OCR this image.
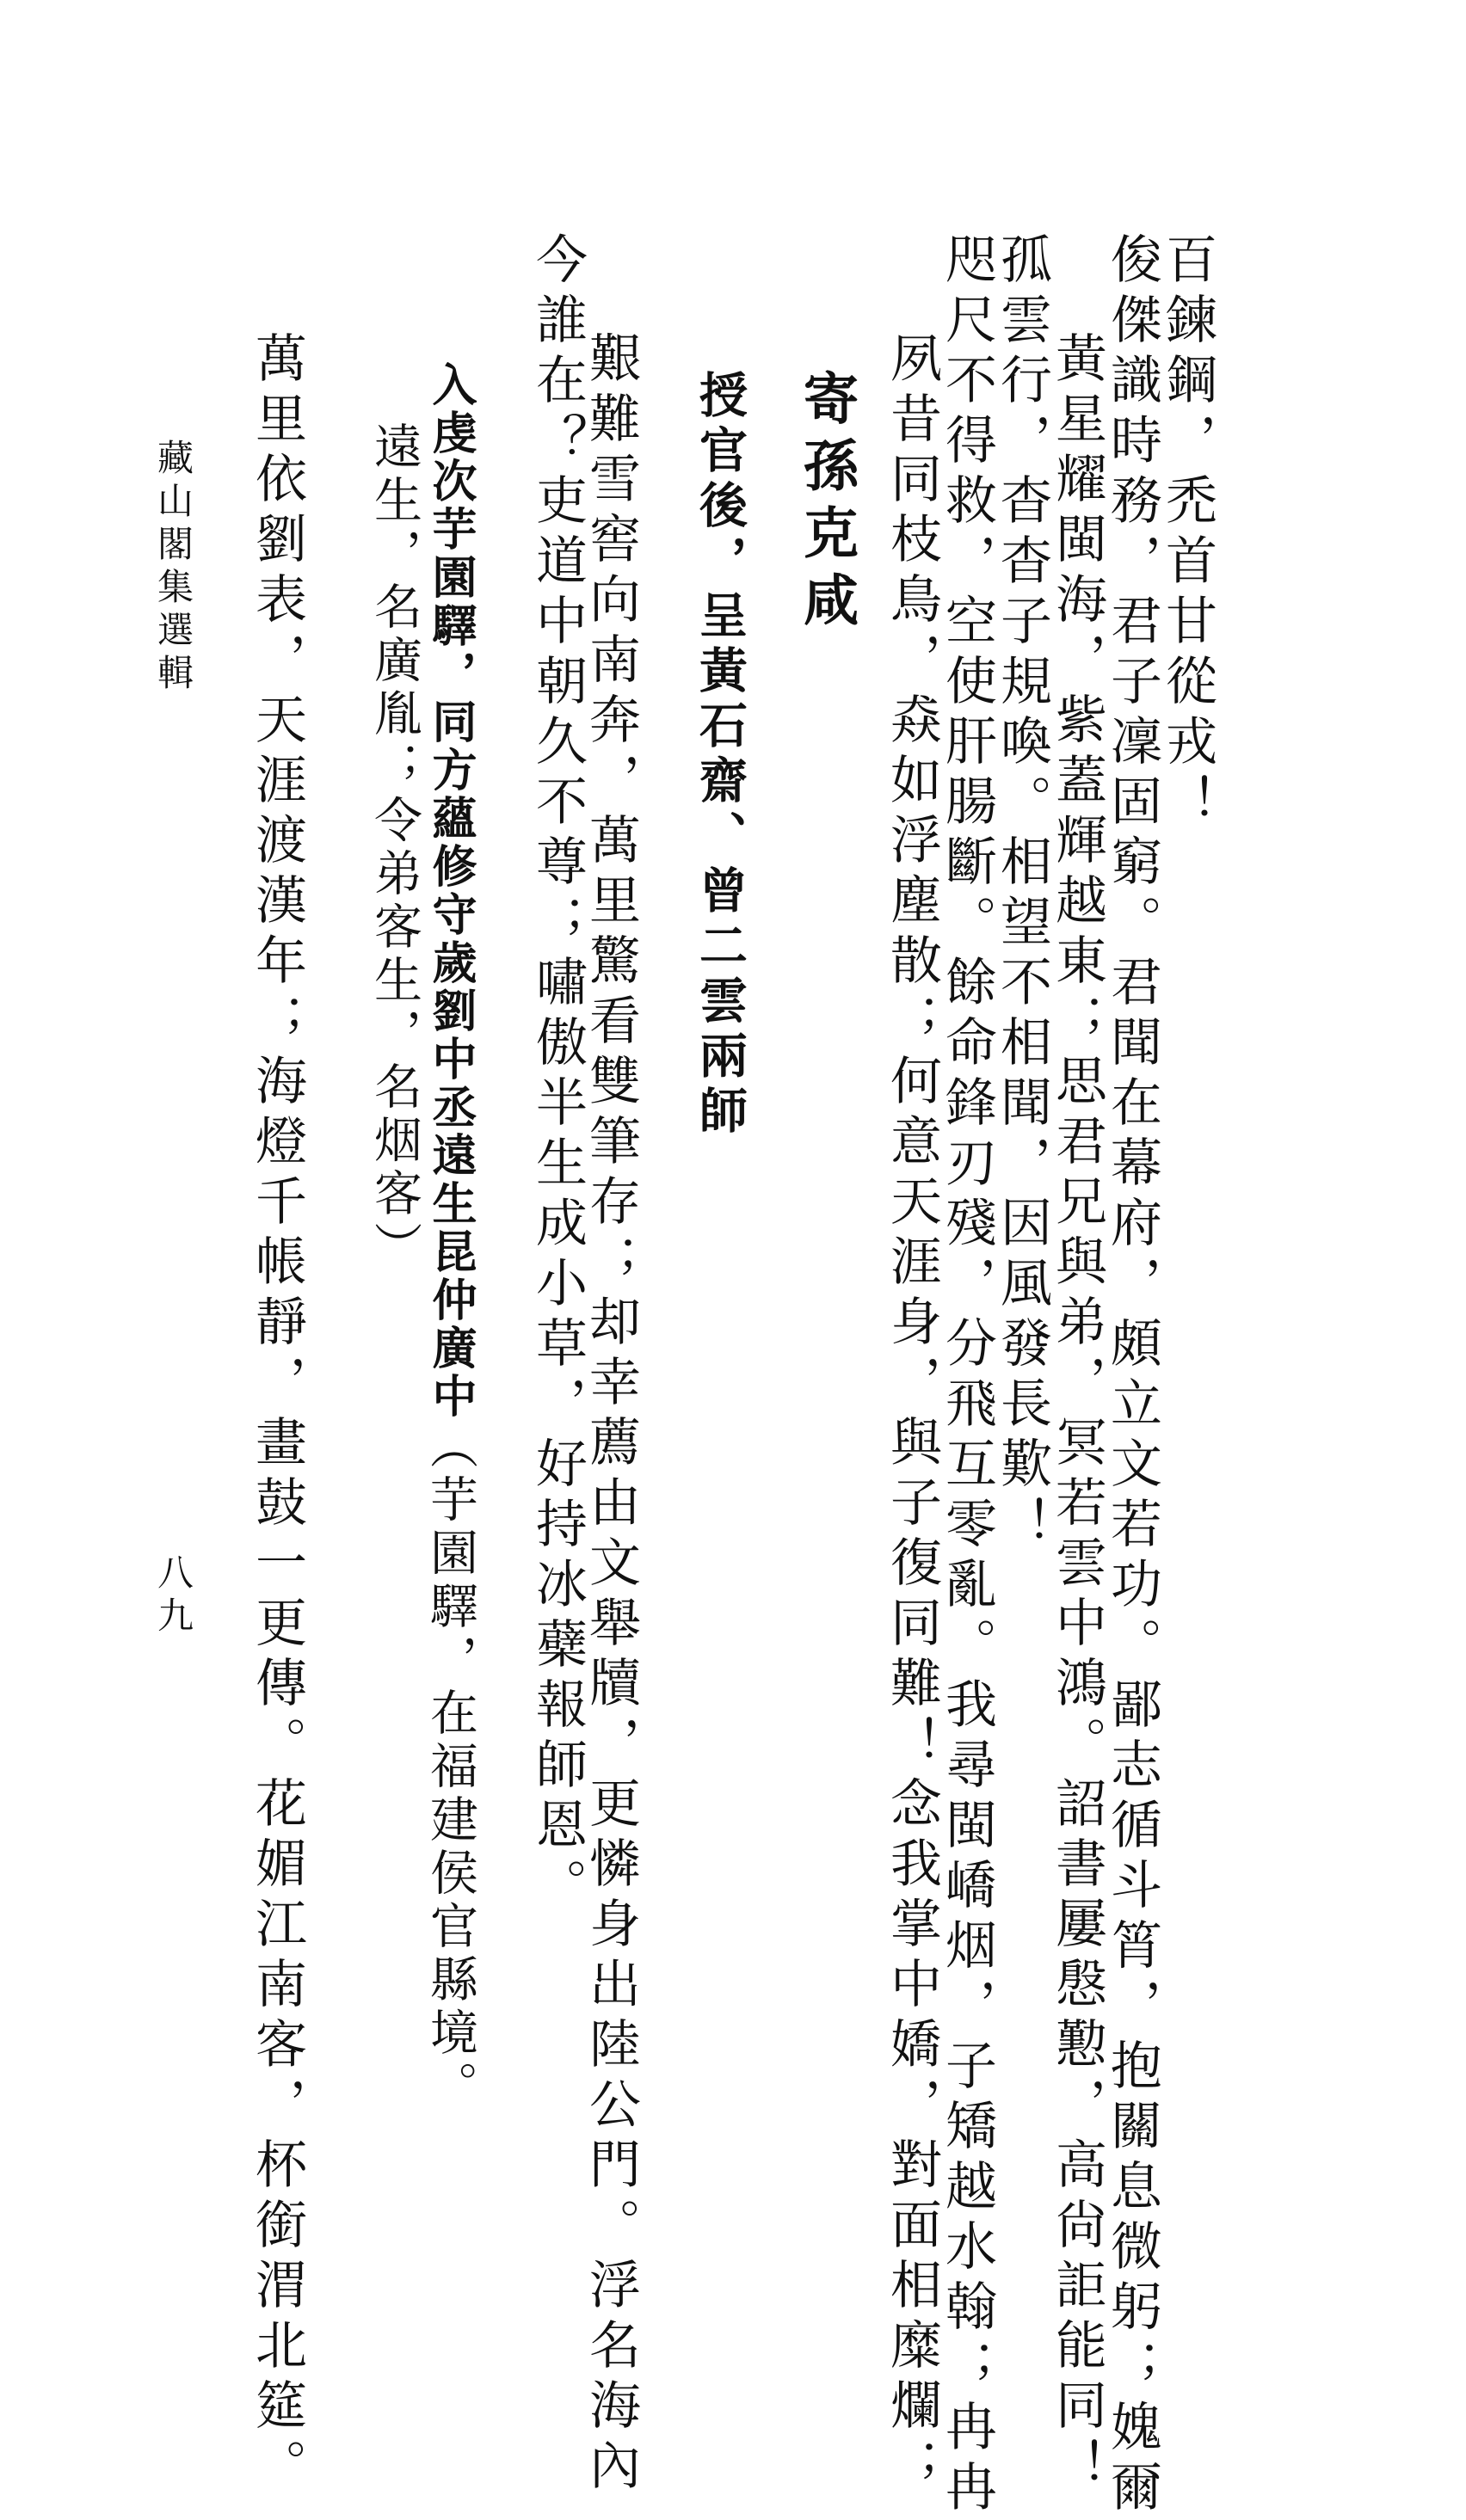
寄孫克咸 夙昔同枝鳥，猋如浮塵散；何意天涯身，與子復同難！念我掌中嬌，對面相糜爛；
咫尺不得救，空使肝腸斷。餘命鋒刃殘，分飛互零亂。我尋閩嶠烟，子矯越水翰；冉冉
孤雲行，杳杳子規喚。相望不相聞，因風發長歎！
黃星耀閩海，紫蓋輝越東；思君兄與弟，冥若雲中鴻。詔書屢慇懃，高尙詎能同！
俊傑識時務，君子凜固窮。君聞在幕府，頗立文若功。鄙志循斗筲，抱關息微躬；媿爾
百鍊鋼，禿首甘從戎！
授官後，呈黃石齋、曾二雲兩師
艱難雪窖向南奔，萬里驚看雙筆存；却幸薦由文舉牘，更憐身出陸公門。浮名海內
今誰在？吏道中朝久不尊；嘯傲半生成小草，好持冰蘗報師恩。
入虔次芋園驛，同方蘊修守歲劉中丞遠生昆仲廣中（芋園驛，在福建侯官縣境。
遠生，名廣胤；令弟客生，名烟客）
萬里依劉表，天涯渡漢年；海燈千帳靜，畫鼓一更傳。花媚江南客，杯銜渭北筵。
藏山閣集選輯
八九
